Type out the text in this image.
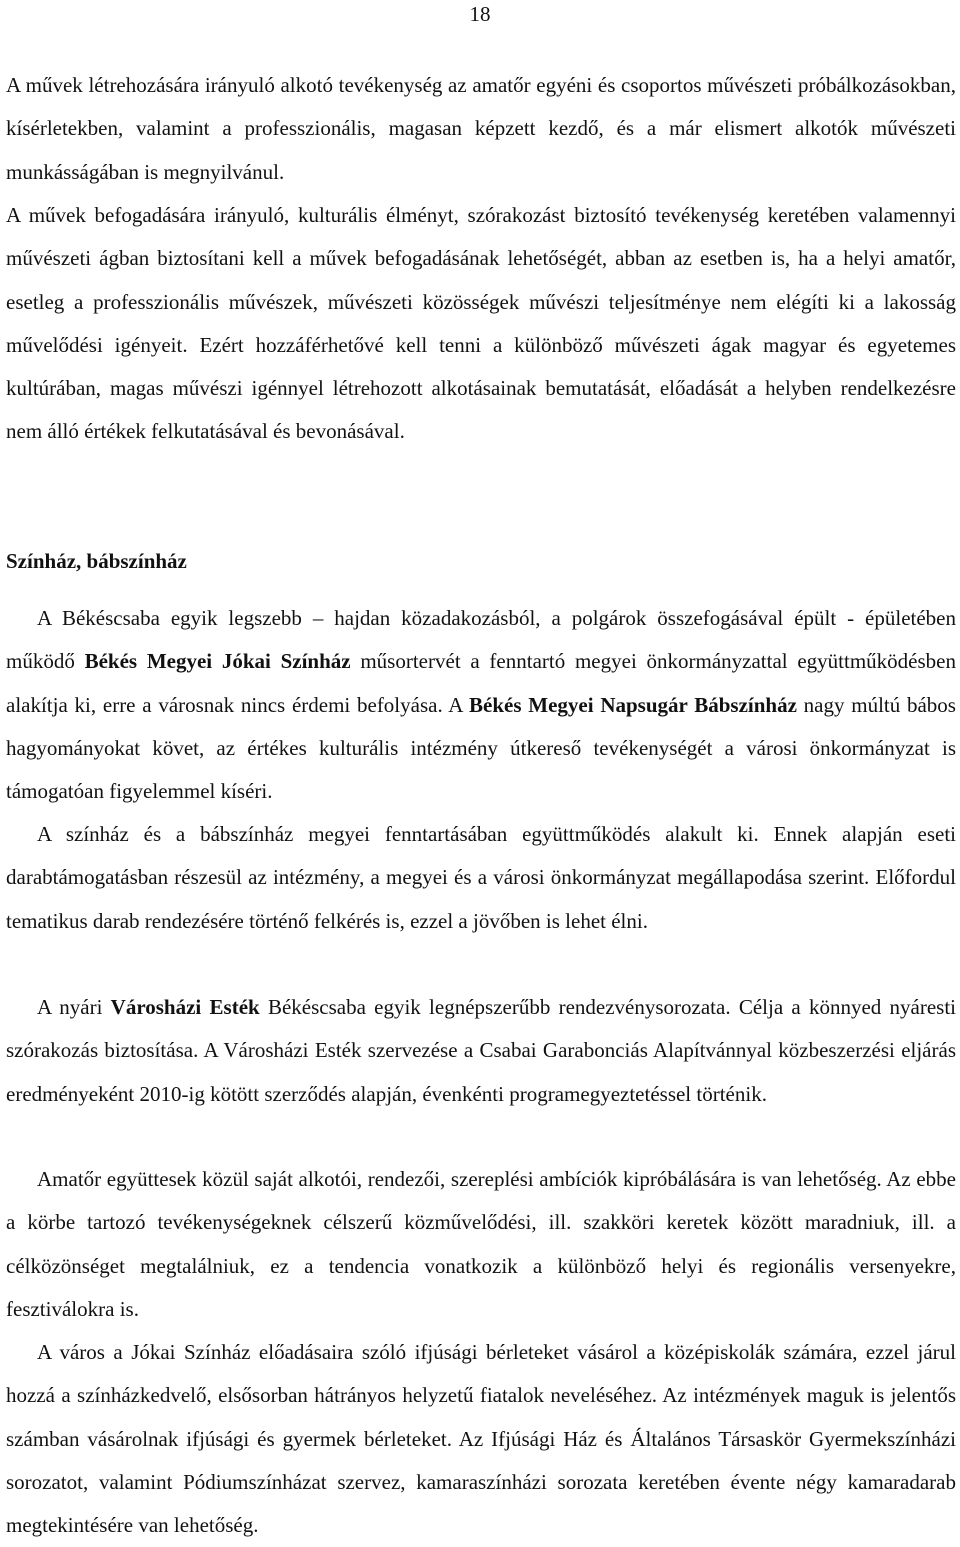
18

A művek létrehozására irányuló alkotó tevékenység az amatőr egyéni és csoportos művészeti próbálkozásokban, kísérletekben, valamint a professzionális, magasan képzett kezdő, és a már elismert alkotók művészeti munkásságában is megnyilvánul.

A művek befogadására irányuló, kulturális élményt, szórakozást biztosító tevékenység keretében valamennyi művészeti ágban biztosítani kell a művek befogadásának lehetőségét, abban az esetben is, ha a helyi amatőr, esetleg a professzionális művészek, művészeti közösségek művészi teljesítménye nem elégíti ki a lakosság művelődési igényeit. Ezért hozzáférhetővé kell tenni a különböző művészeti ágak magyar és egyetemes kultúrában, magas művészi igénnyel létrehozott alkotásainak bemutatását, előadását a helyben rendelkezésre nem álló értékek felkutatásával és bevonásával.

Színház, bábszínház

A Békéscsaba egyik legszebb – hajdan közadakozásból, a polgárok összefogásával épült - épületében működő Békés Megyei Jókai Színház műsortervét a fenntartó megyei önkormányzattal együttműködésben alakítja ki, erre a városnak nincs érdemi befolyása. A Békés Megyei Napsugár Bábszínház nagy múltú bábos hagyományokat követ, az értékes kulturális intézmény útkereső tevékenységét a városi önkormányzat is támogatóan figyelemmel kíséri.

A színház és a bábszínház megyei fenntartásában együttműködés alakult ki. Ennek alapján eseti darabtámogatásban részesül az intézmény, a megyei és a városi önkormányzat megállapodása szerint. Előfordul tematikus darab rendezésére történő felkérés is, ezzel a jövőben is lehet élni.

A nyári Városházi Esték Békéscsaba egyik legnépszerűbb rendezvénysorozata. Célja a könnyed nyáresti szórakozás biztosítása. A Városházi Esték szervezése a Csabai Garabonciás Alapítvánnyal közbeszerzési eljárás eredményeként 2010-ig kötött szerződés alapján, évenkénti programegyeztetéssel történik.

Amatőr együttesek közül saját alkotói, rendezői, szereplési ambíciók kipróbálására is van lehetőség. Az ebbe a körbe tartozó tevékenységeknek célszerű közművelődési, ill. szakköri keretek között maradniuk, ill. a célközönséget megtalálniuk, ez a tendencia vonatkozik a különböző helyi és regionális versenyekre, fesztiválokra is.

A város a Jókai Színház előadásaira szóló ifjúsági bérleteket vásárol a középiskolák számára, ezzel járul hozzá a színházkedvelő, elsősorban hátrányos helyzetű fiatalok neveléséhez. Az intézmények maguk is jelentős számban vásárolnak ifjúsági és gyermek bérleteket. Az Ifjúsági Ház és Általános Társaskör Gyermekszínházi sorozatot, valamint Pódiumszínházat szervez, kamaraszínházi sorozata keretében évente négy kamaradarab megtekintésére van lehetőség.
